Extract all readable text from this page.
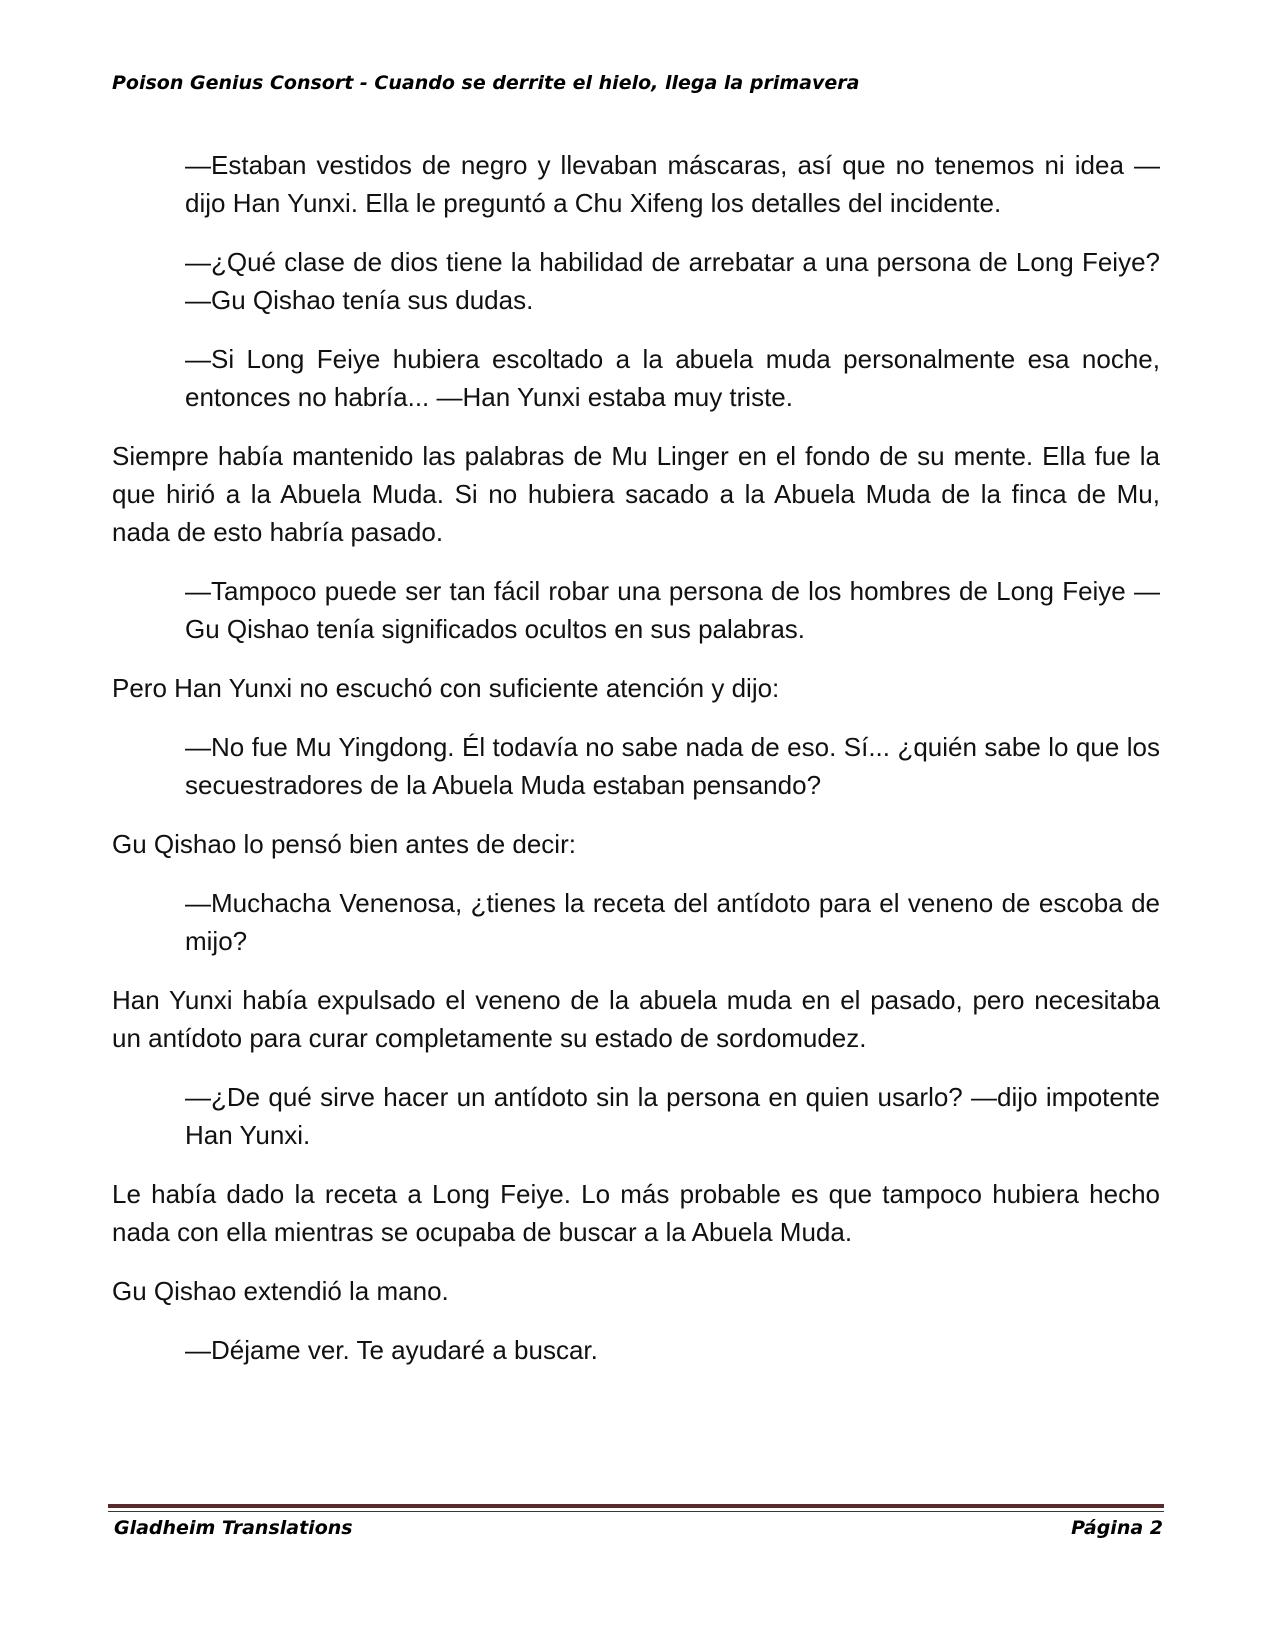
Poison Genius Consort - Cuando se derrite el hielo, llega la primavera

—Estaban vestidos de negro y llevaban máscaras, así que no tenemos ni idea —dijo Han Yunxi. Ella le preguntó a Chu Xifeng los detalles del incidente.

—¿Qué clase de dios tiene la habilidad de arrebatar a una persona de Long Feiye? —Gu Qishao tenía sus dudas.

—Si Long Feiye hubiera escoltado a la abuela muda personalmente esa noche, entonces no habría... —Han Yunxi estaba muy triste.

Siempre había mantenido las palabras de Mu Linger en el fondo de su mente. Ella fue la que hirió a la Abuela Muda. Si no hubiera sacado a la Abuela Muda de la finca de Mu, nada de esto habría pasado.

—Tampoco puede ser tan fácil robar una persona de los hombres de Long Feiye —Gu Qishao tenía significados ocultos en sus palabras.

Pero Han Yunxi no escuchó con suficiente atención y dijo:

—No fue Mu Yingdong. Él todavía no sabe nada de eso. Sí... ¿quién sabe lo que los secuestradores de la Abuela Muda estaban pensando?

Gu Qishao lo pensó bien antes de decir:

—Muchacha Venenosa, ¿tienes la receta del antídoto para el veneno de escoba de mijo?

Han Yunxi había expulsado el veneno de la abuela muda en el pasado, pero necesitaba un antídoto para curar completamente su estado de sordomudez.

—¿De qué sirve hacer un antídoto sin la persona en quien usarlo? —dijo impotente Han Yunxi.

Le había dado la receta a Long Feiye. Lo más probable es que tampoco hubiera hecho nada con ella mientras se ocupaba de buscar a la Abuela Muda.

Gu Qishao extendió la mano.

—Déjame ver. Te ayudaré a buscar.

Gladheim Translations	Página 2
